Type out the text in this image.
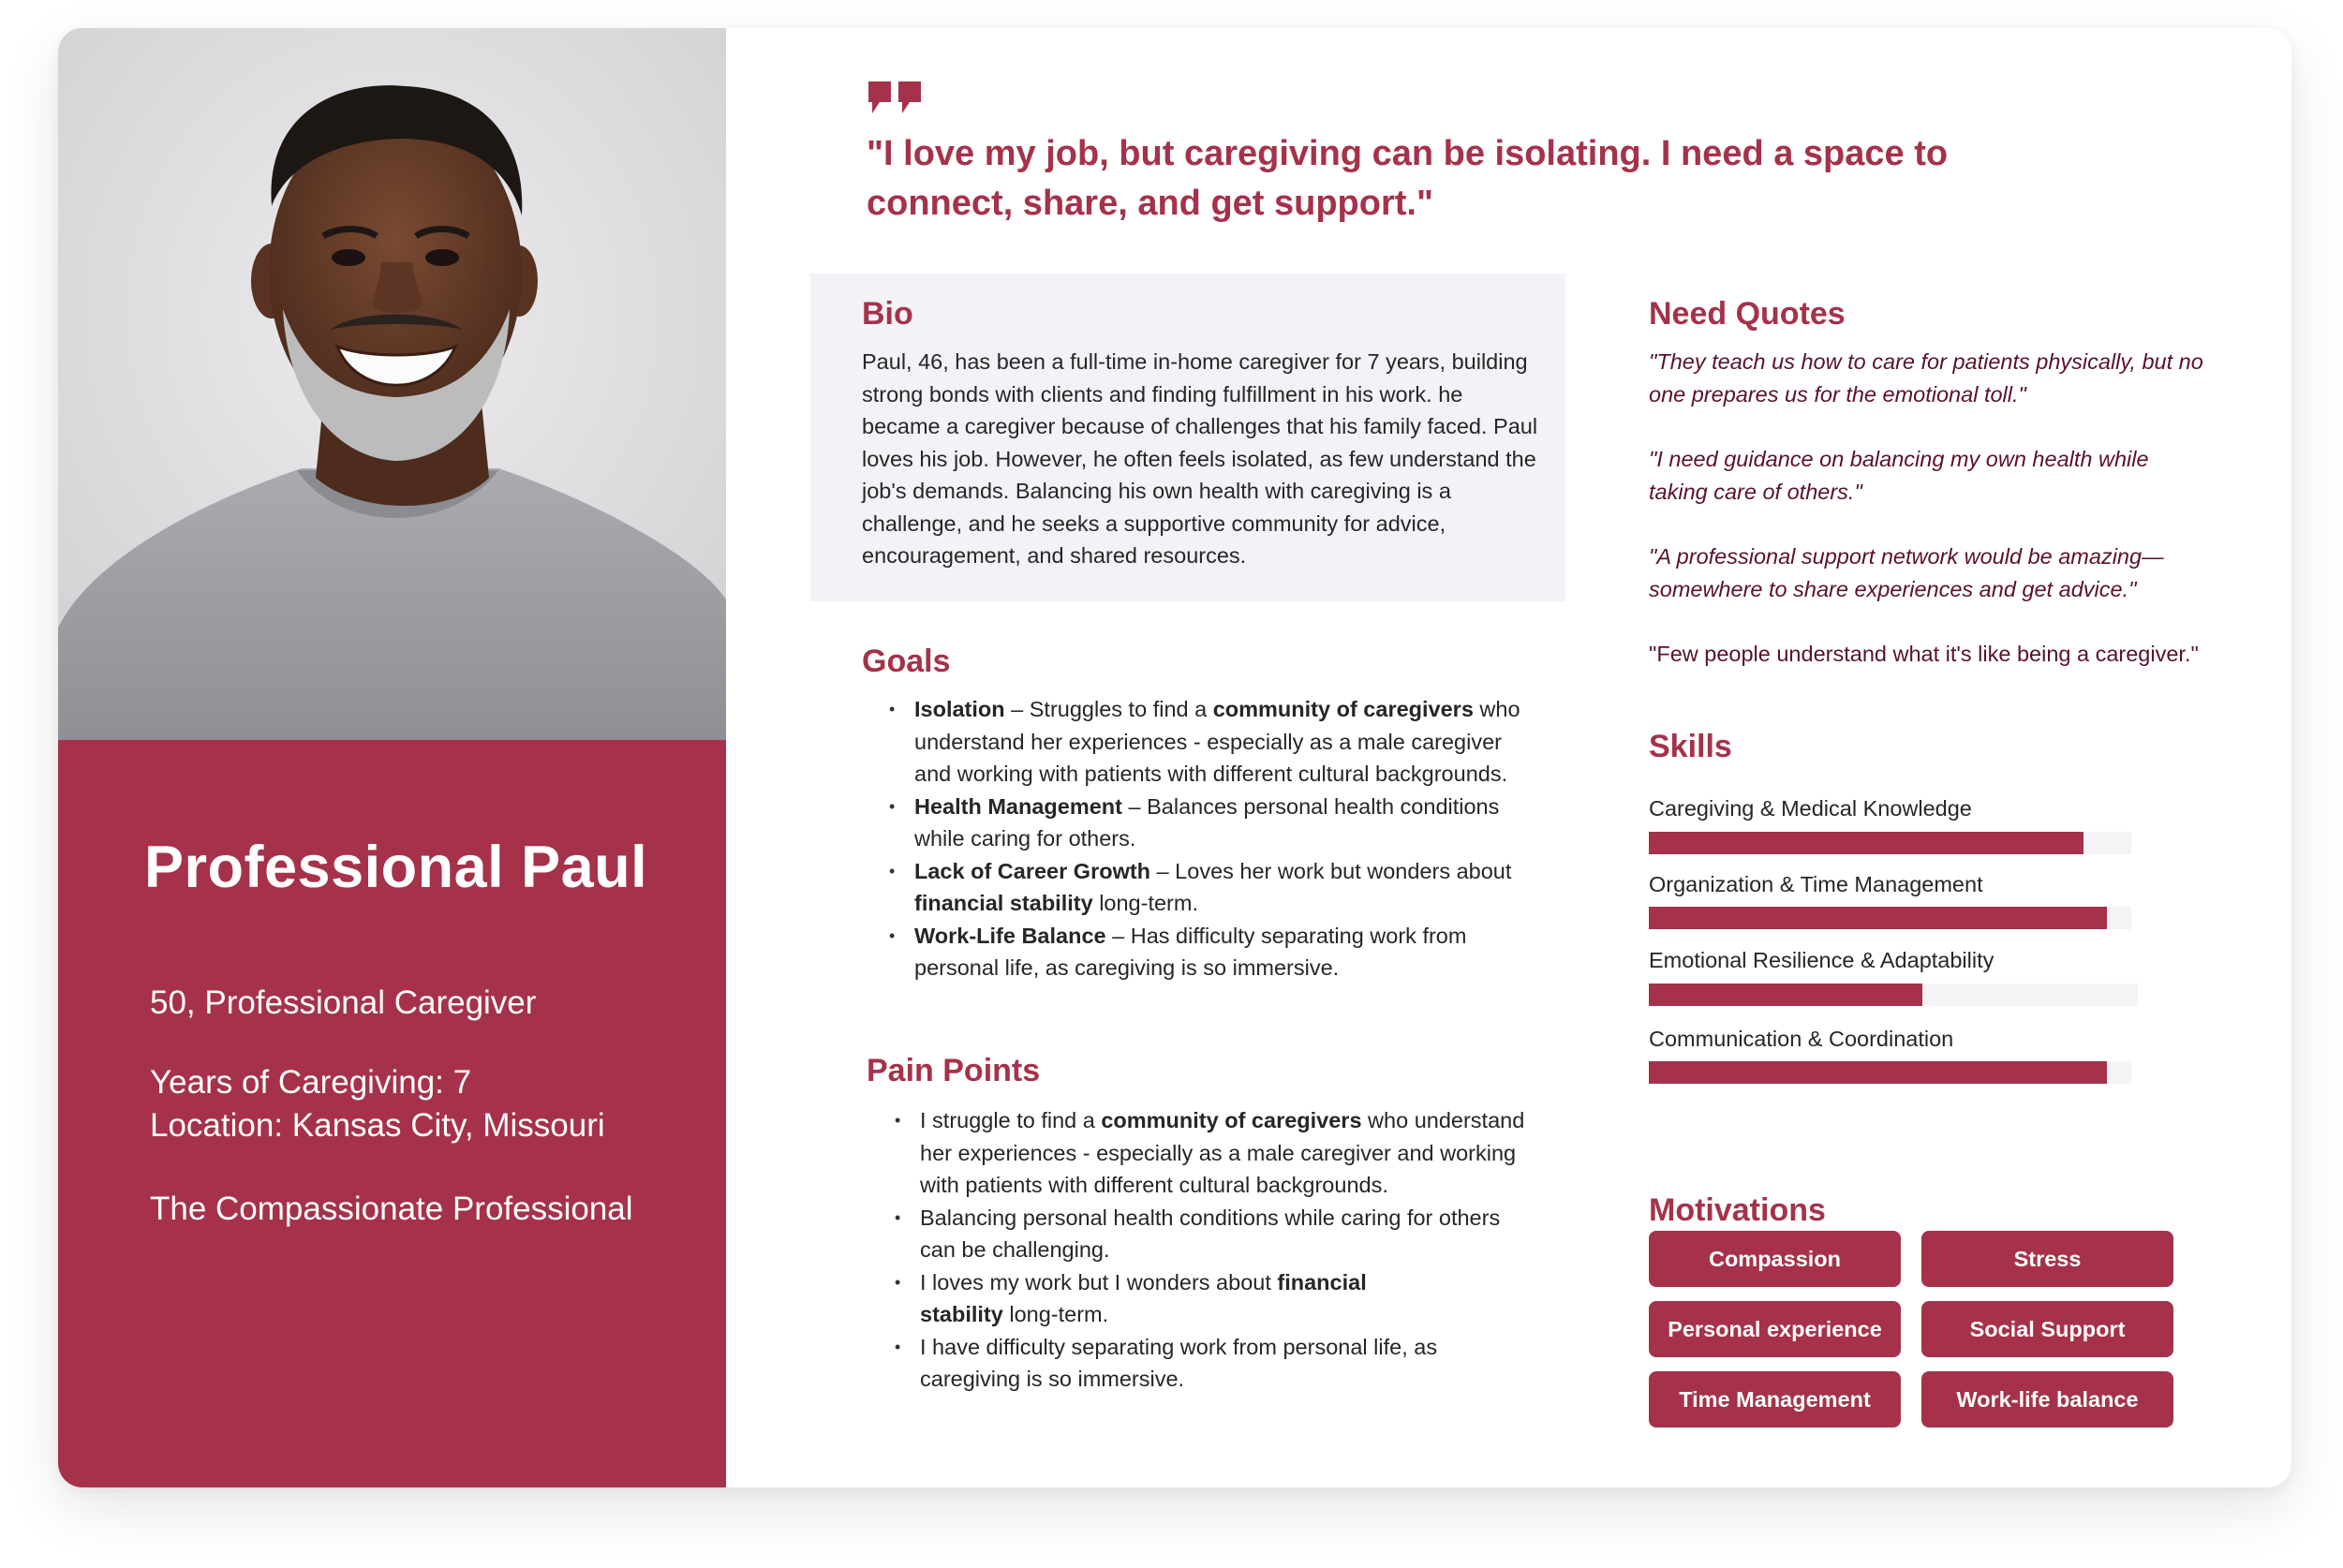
Professional Paul
50, Professional Caregiver
Years of Caregiving: 7
Location: Kansas City, Missouri
The Compassionate Professional
"I love my job, but caregiving can be isolating. I need a space to connect, share, and get support."
Bio
Paul, 46, has been a full-time in-home caregiver for 7 years, building strong bonds with clients and finding fulfillment in his work. he became a caregiver because of challenges that his family faced. Paul loves his job. However, he often feels isolated, as few understand the job's demands. Balancing his own health with caregiving is a challenge, and he seeks a supportive community for advice, encouragement, and shared resources.
Goals
• Isolation – Struggles to find a community of caregivers who understand her experiences - especially as a male caregiver and working with patients with different cultural backgrounds.
• Health Management – Balances personal health conditions while caring for others.
• Lack of Career Growth – Loves her work but wonders about financial stability long-term.
• Work-Life Balance – Has difficulty separating work from personal life, as caregiving is so immersive.
Pain Points
• I struggle to find a community of caregivers who understand her experiences - especially as a male caregiver and working with patients with different cultural backgrounds.
• Balancing personal health conditions while caring for others can be challenging.
• I loves my work but I wonders about financial stability long-term.
• I have difficulty separating work from personal life, as caregiving is so immersive.
Need Quotes
"They teach us how to care for patients physically, but no one prepares us for the emotional toll."
"I need guidance on balancing my own health while taking care of others."
"A professional support network would be amazing—somewhere to share experiences and get advice."
"Few people understand what it's like being a caregiver."
Skills
Caregiving & Medical Knowledge
Organization & Time Management
Emotional Resilience & Adaptability
Communication & Coordination
Motivations
Compassion	Stress
Personal experience	Social Support
Time Management	Work-life balance
